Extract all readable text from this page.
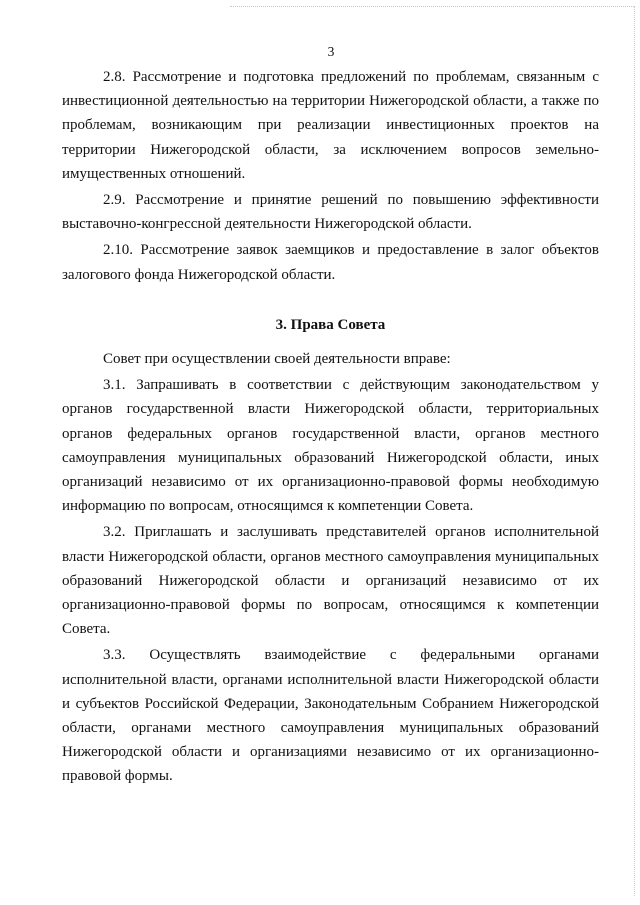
3

2.8. Рассмотрение и подготовка предложений по проблемам, связанным с инвестиционной деятельностью на территории Нижегородской области, а также по проблемам, возникающим при реализации инвестиционных проектов на территории Нижегородской области, за исключением вопросов земельно-имущественных отношений.

2.9. Рассмотрение и принятие решений по повышению эффективности выставочно-конгрессной деятельности Нижегородской области.

2.10. Рассмотрение заявок заемщиков и предоставление в залог объектов залогового фонда Нижегородской области.

3. Права Совета

Совет при осуществлении своей деятельности вправе:

3.1. Запрашивать в соответствии с действующим законодательством у органов государственной власти Нижегородской области, территориальных органов федеральных органов государственной власти, органов местного самоуправления муниципальных образований Нижегородской области, иных организаций независимо от их организационно-правовой формы необходимую информацию по вопросам, относящимся к компетенции Совета.

3.2. Приглашать и заслушивать представителей органов исполнительной власти Нижегородской области, органов местного самоуправления муниципальных образований Нижегородской области и организаций независимо от их организационно-правовой формы по вопросам, относящимся к компетенции Совета.

3.3. Осуществлять взаимодействие с федеральными органами исполнительной власти, органами исполнительной власти Нижегородской области и субъектов Российской Федерации, Законодательным Собранием Нижегородской области, органами местного самоуправления муниципальных образований Нижегородской области и организациями независимо от их организационно-правовой формы.
